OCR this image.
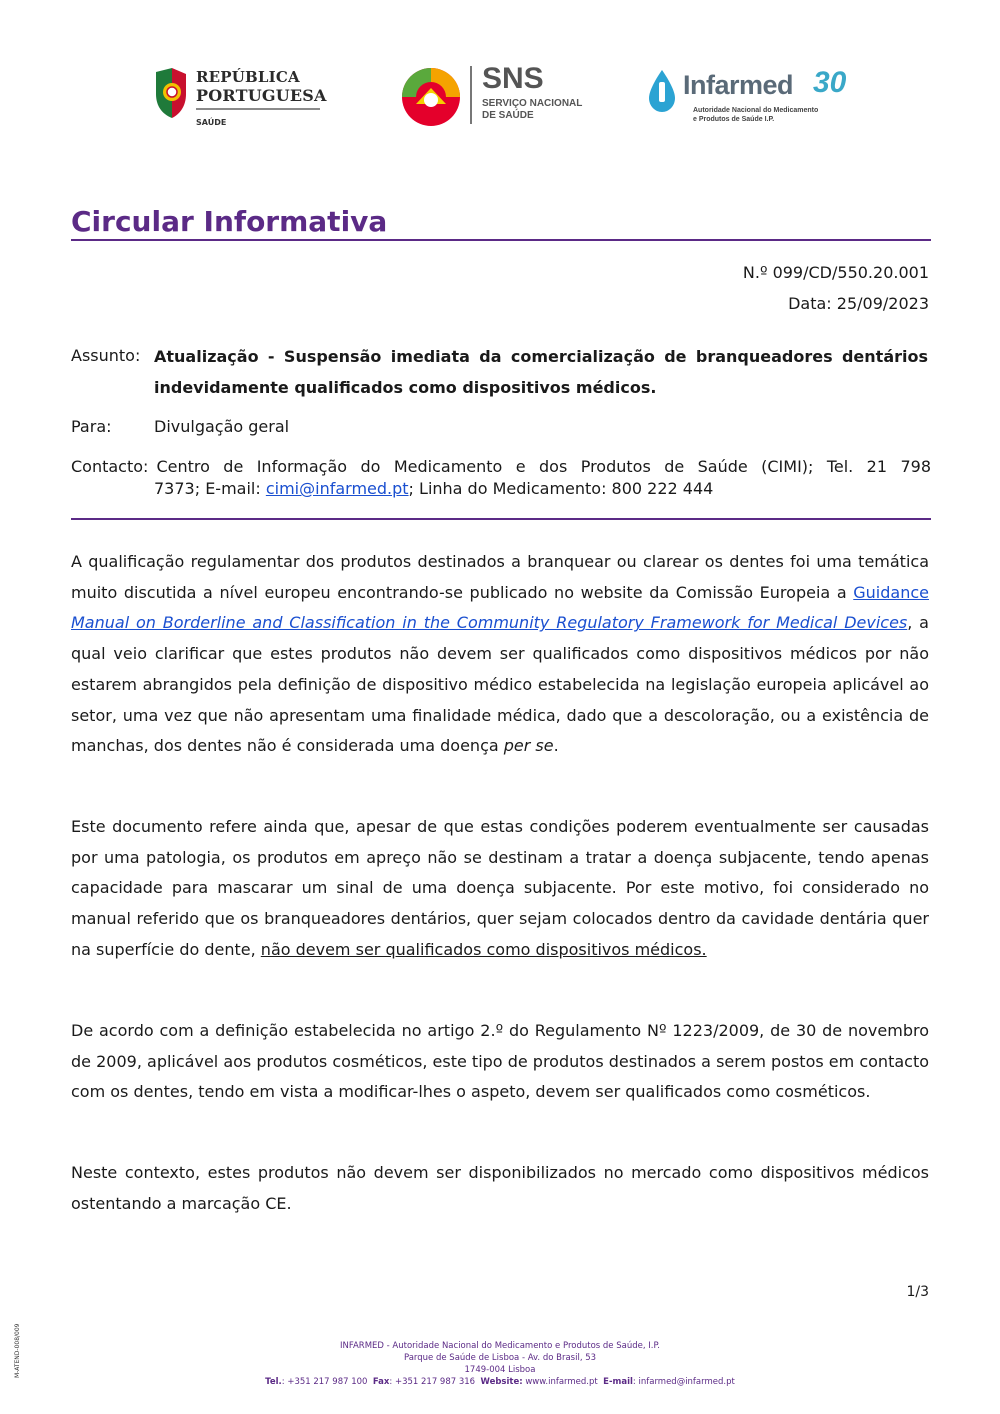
REPÚBLICA
PORTUGUESA
SAÚDE
SNS
SERVIÇO NACIONAL
DE SAÚDE
Infarmed 30
Autoridade Nacional do Medicamento
e Produtos de Saúde I.P.
Circular Informativa
N.º 099/CD/550.20.001
Data: 25/09/2023
Assunto: Atualização - Suspensão imediata da comercialização de branqueadores dentários indevidamente qualificados como dispositivos médicos.
Para:	Divulgação geral
Contacto: Centro de Informação do Medicamento e dos Produtos de Saúde (CIMI); Tel. 21 798
7373; E-mail: cimi@infarmed.pt; Linha do Medicamento: 800 222 444
A qualificação regulamentar dos produtos destinados a branquear ou clarear os dentes foi uma temática muito discutida a nível europeu encontrando-se publicado no website da Comissão Europeia a Guidance Manual on Borderline and Classification in the Community Regulatory Framework for Medical Devices, a qual veio clarificar que estes produtos não devem ser qualificados como dispositivos médicos por não estarem abrangidos pela definição de dispositivo médico estabelecida na legislação europeia aplicável ao setor, uma vez que não apresentam uma finalidade médica, dado que a descoloração, ou a existência de manchas, dos dentes não é considerada uma doença per se.
Este documento refere ainda que, apesar de que estas condições poderem eventualmente ser causadas por uma patologia, os produtos em apreço não se destinam a tratar a doença subjacente, tendo apenas capacidade para mascarar um sinal de uma doença subjacente. Por este motivo, foi considerado no manual referido que os branqueadores dentários, quer sejam colocados dentro da cavidade dentária quer na superfície do dente, não devem ser qualificados como dispositivos médicos.
De acordo com a definição estabelecida no artigo 2.º do Regulamento Nº 1223/2009, de 30 de novembro de 2009, aplicável aos produtos cosméticos, este tipo de produtos destinados a serem postos em contacto com os dentes, tendo em vista a modificar-lhes o aspeto, devem ser qualificados como cosméticos.
Neste contexto, estes produtos não devem ser disponibilizados no mercado como dispositivos médicos ostentando a marcação CE.
1/3
M-ATEND-008/009	INFARMED - Autoridade Nacional do Medicamento e Produtos de Saúde, I.P.
Parque de Saúde de Lisboa - Av. do Brasil, 53
1749-004 Lisboa
Tel.: +351 217 987 100 Fax: +351 217 987 316 Website: www.infarmed.pt E-mail: infarmed@infarmed.pt
